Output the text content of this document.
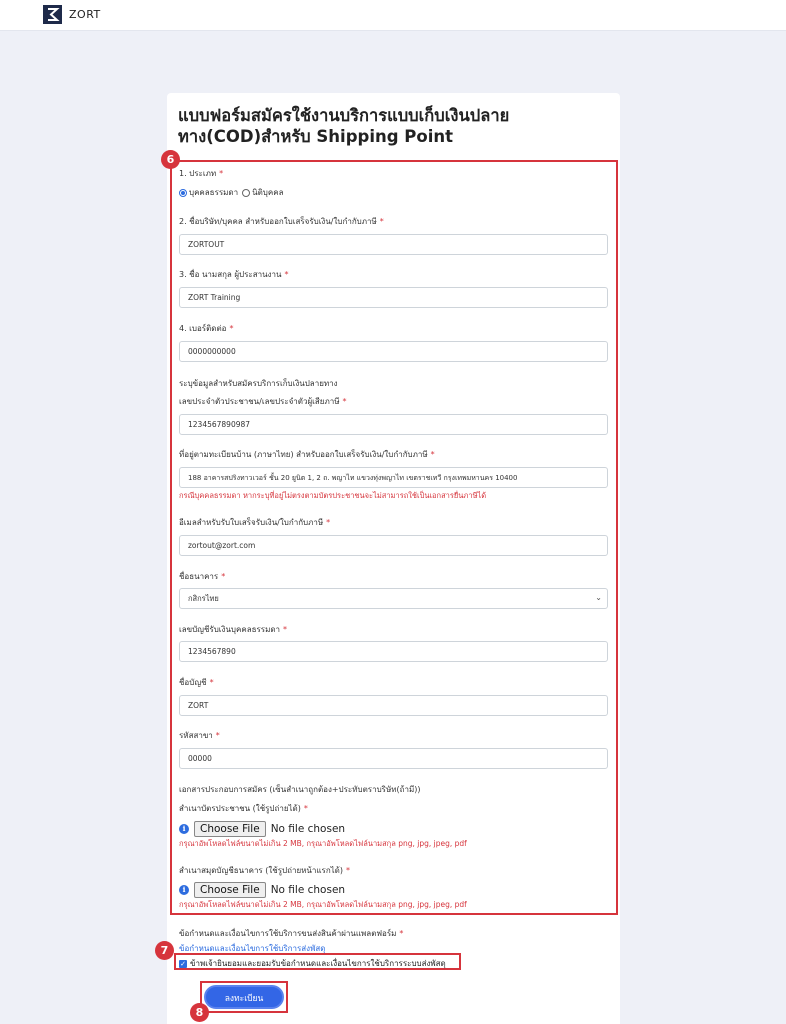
ZORT
แบบฟอร์มสมัครใช้งานบริการแบบเก็บเงินปลายทาง(COD)สำหรับ Shipping Point
6
1. ประเภท *
บุคคลธรรมดา นิติบุคคล
2. ชื่อบริษัท/บุคคล สำหรับออกใบเสร็จรับเงิน/ใบกำกับภาษี *
ZORTOUT
3. ชื่อ นามสกุล ผู้ประสานงาน *
ZORT Training
4. เบอร์ติดต่อ *
0000000000
ระบุข้อมูลสำหรับสมัครบริการเก็บเงินปลายทาง
เลขประจำตัวประชาชน/เลขประจำตัวผู้เสียภาษี *
1234567890987
ที่อยู่ตามทะเบียนบ้าน (ภาษาไทย) สำหรับออกใบเสร็จรับเงิน/ใบกำกับภาษี *
188 อาคารสปริงทาวเวอร์ ชั้น 20 ยูนิต 1, 2 ถ. พญาไท แขวงทุ่งพญาไท เขตราชเทวี กรุงเทพมหานคร 10400
กรณีบุคคลธรรมดา หากระบุที่อยู่ไม่ตรงตามบัตรประชาชนจะไม่สามารถใช้เป็นเอกสารยื่นภาษีได้
อีเมลสำหรับรับใบเสร็จรับเงิน/ใบกำกับภาษี *
zortout@zort.com
ชื่อธนาคาร *
กสิกรไทย	⌄
เลขบัญชีรับเงินบุคคลธรรมดา *
1234567890
ชื่อบัญชี *
ZORT
รหัสสาขา *
00000
เอกสารประกอบการสมัคร (เซ็นสำเนาถูกต้อง+ประทับตราบริษัท(ถ้ามี))
สำเนาบัตรประชาชน (ใช้รูปถ่ายได้) *
i	Choose File	No file chosen
กรุณาอัพโหลดไฟล์ขนาดไม่เกิน 2 MB, กรุณาอัพโหลดไฟล์นามสกุล png, jpg, jpeg, pdf
สำเนาสมุดบัญชีธนาคาร (ใช้รูปถ่ายหน้าแรกได้) *
i	Choose File	No file chosen
กรุณาอัพโหลดไฟล์ขนาดไม่เกิน 2 MB, กรุณาอัพโหลดไฟล์นามสกุล png, jpg, jpeg, pdf
ข้อกำหนดและเงื่อนไขการใช้บริการขนส่งสินค้าผ่านแพลตฟอร์ม *
ข้อกำหนดและเงื่อนไขการใช้บริการส่งพัสดุ
7
✓ ข้าพเจ้ายินยอมและยอมรับข้อกำหนดและเงื่อนไขการใช้บริการระบบส่งพัสดุ
ลงทะเบียน
8
